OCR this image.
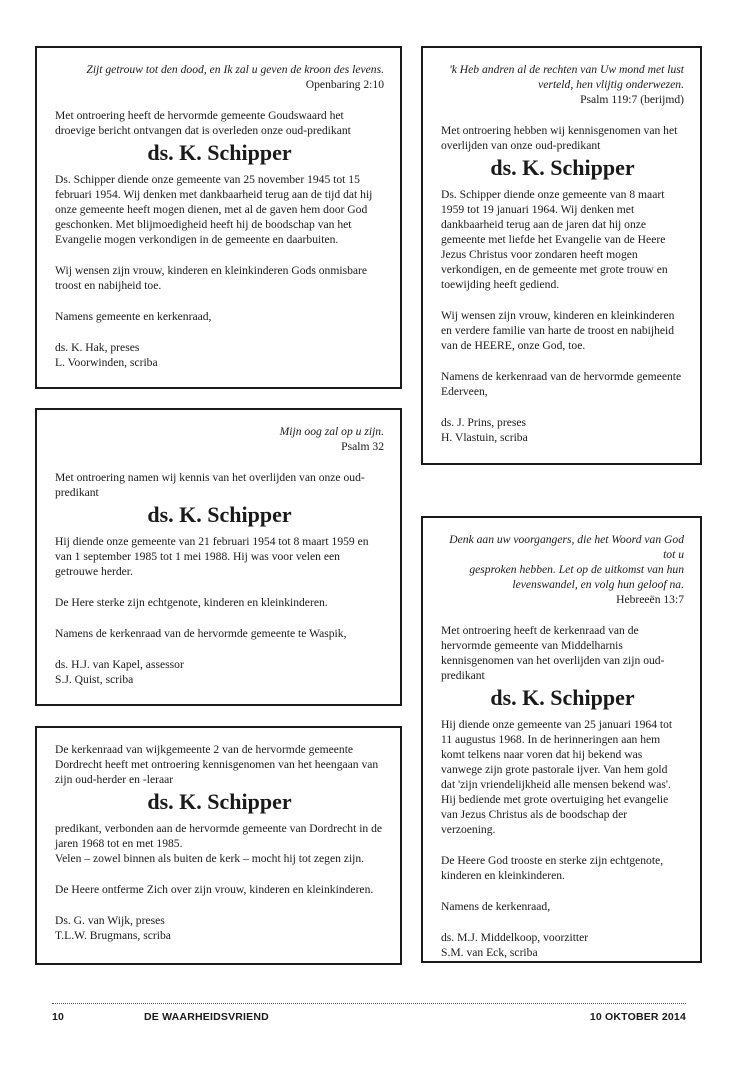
Zijt getrouw tot den dood, en Ik zal u geven de kroon des levens.
Openbaring 2:10

Met ontroering heeft de hervormde gemeente Goudswaard het droevige bericht ontvangen dat is overleden onze oud-predikant

ds. K. Schipper

Ds. Schipper diende onze gemeente van 25 november 1945 tot 15 februari 1954. Wij denken met dankbaarheid terug aan de tijd dat hij onze gemeente heeft mogen dienen, met al de gaven hem door God geschonken. Met blijmoedigheid heeft hij de boodschap van het Evangelie mogen verkondigen in de gemeente en daarbuiten.

Wij wensen zijn vrouw, kinderen en kleinkinderen Gods onmisbare troost en nabijheid toe.

Namens gemeente en kerkenraad,

ds. K. Hak, preses
L. Voorwinden, scriba
'k Heb andren al de rechten van Uw mond met lust
verteld, hen vlijtig onderwezen.
Psalm 119:7 (berijmd)

Met ontroering hebben wij kennisgenomen van het overlijden van onze oud-predikant

ds. K. Schipper

Ds. Schipper diende onze gemeente van 8 maart 1959 tot 19 januari 1964. Wij denken met dankbaarheid terug aan de jaren dat hij onze gemeente met liefde het Evangelie van de Heere Jezus Christus voor zondaren heeft mogen verkondigen, en de gemeente met grote trouw en toewijding heeft gediend.

Wij wensen zijn vrouw, kinderen en kleinkinderen en verdere familie van harte de troost en nabijheid van de HEERE, onze God, toe.

Namens de kerkenraad van de hervormde gemeente Ederveen,

ds. J. Prins, preses
H. Vlastuin, scriba
Mijn oog zal op u zijn.
Psalm 32

Met ontroering namen wij kennis van het overlijden van onze oud-predikant

ds. K. Schipper

Hij diende onze gemeente van 21 februari 1954 tot 8 maart 1959 en van 1 september 1985 tot 1 mei 1988. Hij was voor velen een getrouwe herder.

De Here sterke zijn echtgenote, kinderen en kleinkinderen.

Namens de kerkenraad van de hervormde gemeente te Waspik,

ds. H.J. van Kapel, assessor
S.J. Quist, scriba
Denk aan uw voorgangers, die het Woord van God tot u
gesproken hebben. Let op de uitkomst van hun
levenswandel, en volg hun geloof na.
Hebreeën 13:7

Met ontroering heeft de kerkenraad van de hervormde gemeente van Middelharnis kennisgenomen van het overlijden van zijn oud-predikant

ds. K. Schipper

Hij diende onze gemeente van 25 januari 1964 tot 11 augustus 1968. In de herinneringen aan hem komt telkens naar voren dat hij bekend was vanwege zijn grote pastorale ijver. Van hem gold dat 'zijn vriendelijkheid alle mensen bekend was'.

Hij bediende met grote overtuiging het evangelie van Jezus Christus als de boodschap der verzoening.

De Heere God trooste en sterke zijn echtgenote, kinderen en kleinkinderen.

Namens de kerkenraad,

ds. M.J. Middelkoop, voorzitter
S.M. van Eck, scriba

De kerkenraad van wijkgemeente 2 van de hervormde gemeente Dordrecht heeft met ontroering kennisgenomen van het heengaan van zijn oud-herder en -leraar

ds. K. Schipper

predikant, verbonden aan de hervormde gemeente van Dordrecht in de jaren 1968 tot en met 1985.

Velen – zowel binnen als buiten de kerk – mocht hij tot zegen zijn.

De Heere ontferme Zich over zijn vrouw, kinderen en kleinkinderen.

Ds. G. van Wijk, preses
T.L.W. Brugmans, scriba
10	DE WAARHEIDSVRIEND	10 OKTOBER 2014
